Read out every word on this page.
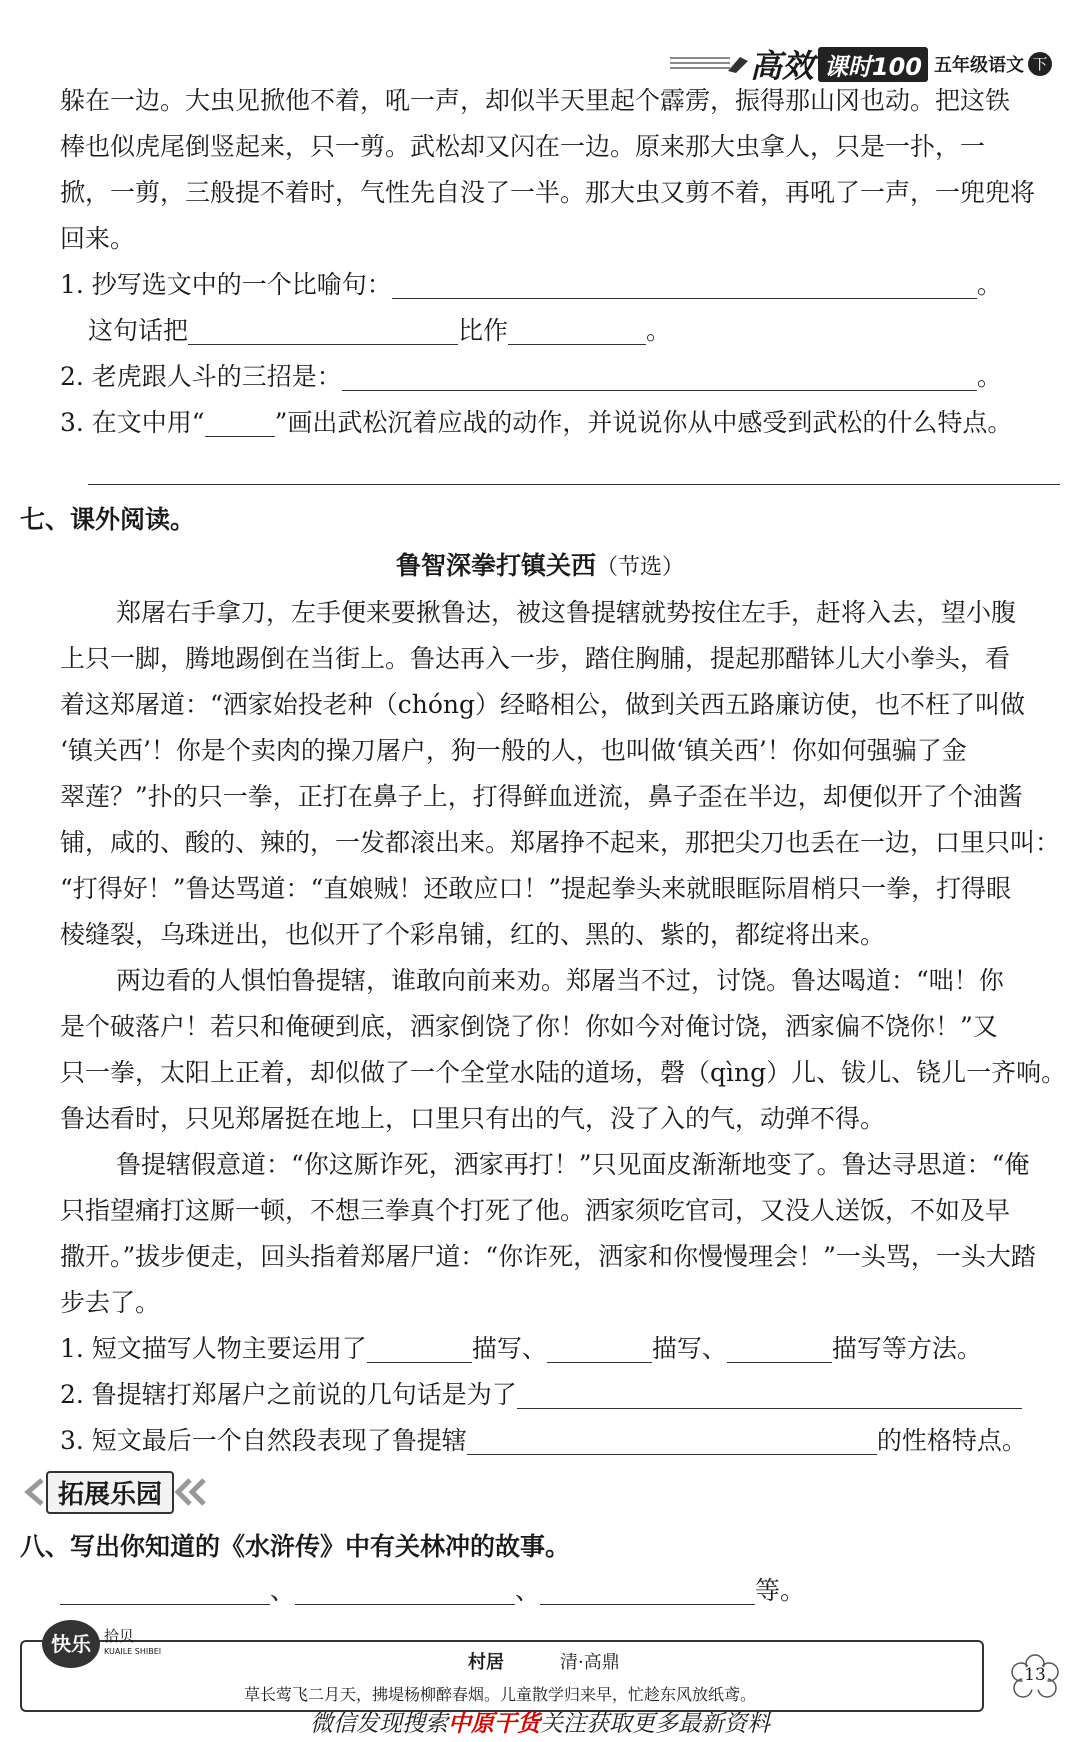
高效 课时100 五年级语文 下
躲在一边。大虫见掀他不着，吼一声，却似半天里起个霹雳，振得那山冈也动。把这铁
棒也似虎尾倒竖起来，只一剪。武松却又闪在一边。原来那大虫拿人，只是一扑，一
掀，一剪，三般提不着时，气性先自没了一半。那大虫又剪不着，再吼了一声，一兜兜将
回来。
1. 抄写选文中的一个比喻句：	。
这句话把	比作	。
2. 老虎跟人斗的三招是：	。
3. 在文中用“	”画出武松沉着应战的动作，并说说你从中感受到武松的什么特点。
七、课外阅读。
鲁智深拳打镇关西（节选）
郑屠右手拿刀，左手便来要揪鲁达，被这鲁提辖就势按住左手，赶将入去，望小腹
上只一脚，腾地踢倒在当街上。鲁达再入一步，踏住胸脯，提起那醋钵儿大小拳头，看
着这郑屠道：“洒家始投老种（chóng）经略相公，做到关西五路廉访使，也不枉了叫做
‘镇关西’！你是个卖肉的操刀屠户，狗一般的人，也叫做‘镇关西’！你如何强骗了金
翠莲？”扑的只一拳，正打在鼻子上，打得鲜血迸流，鼻子歪在半边，却便似开了个油酱
铺，咸的、酸的、辣的，一发都滚出来。郑屠挣不起来，那把尖刀也丢在一边，口里只叫：
“打得好！”鲁达骂道：“直娘贼！还敢应口！”提起拳头来就眼眶际眉梢只一拳，打得眼
棱缝裂，乌珠迸出，也似开了个彩帛铺，红的、黑的、紫的，都绽将出来。
两边看的人惧怕鲁提辖，谁敢向前来劝。郑屠当不过，讨饶。鲁达喝道：“咄！你
是个破落户！若只和俺硬到底，洒家倒饶了你！你如今对俺讨饶，洒家偏不饶你！”又
只一拳，太阳上正着，却似做了一个全堂水陆的道场，磬（qìng）儿、钹儿、铙儿一齐响。
鲁达看时，只见郑屠挺在地上，口里只有出的气，没了入的气，动弹不得。
鲁提辖假意道：“你这厮诈死，洒家再打！”只见面皮渐渐地变了。鲁达寻思道：“俺
只指望痛打这厮一顿，不想三拳真个打死了他。洒家须吃官司，又没人送饭，不如及早
撒开。”拔步便走，回头指着郑屠尸道：“你诈死，洒家和你慢慢理会！”一头骂，一头大踏
步去了。
1. 短文描写人物主要运用了	描写、	描写、	描写等方法。
2. 鲁提辖打郑屠户之前说的几句话是为了
3. 短文最后一个自然段表现了鲁提辖	的性格特点。
拓展乐园
八、写出你知道的《水浒传》中有关林冲的故事。
、	、	等。
快乐 拾贝
KUAILE SHIBEI
村居	清·高鼎
草长莺飞二月天，拂堤杨柳醉春烟。儿童散学归来早，忙趁东风放纸鸢。
13
微信发现搜索中原干货关注获取更多最新资料
